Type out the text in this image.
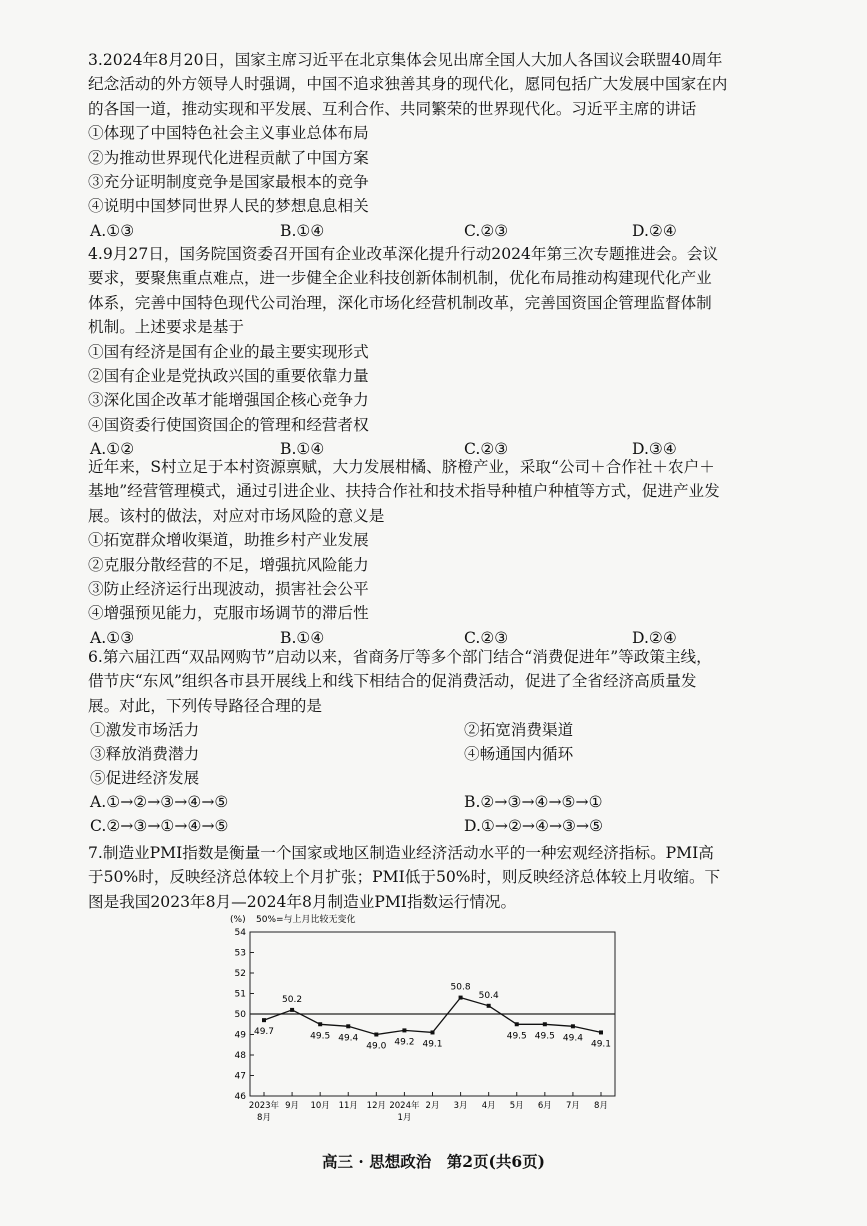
3.2024年8月20日，国家主席习近平在北京集体会见出席全国人大加人各国议会联盟40周年
纪念活动的外方领导人时强调，中国不追求独善其身的现代化，愿同包括广大发展中国家在内
的各国一道，推动实现和平发展、互利合作、共同繁荣的世界现代化。习近平主席的讲话
①体现了中国特色社会主义事业总体布局
②为推动世界现代化进程贡献了中国方案
③充分证明制度竞争是国家最根本的竞争
④说明中国梦同世界人民的梦想息息相关
A.①③	B.①④	C.②③	D.②④
4.9月27日，国务院国资委召开国有企业改革深化提升行动2024年第三次专题推进会。会议
要求，要聚焦重点难点，进一步健全企业科技创新体制机制，优化布局推动构建现代化产业
体系，完善中国特色现代公司治理，深化市场化经营机制改革，完善国资国企管理监督体制
机制。上述要求是基于
①国有经济是国有企业的最主要实现形式
②国有企业是党执政兴国的重要依靠力量
③深化国企改革才能增强国企核心竞争力
④国资委行使国资国企的管理和经营者权
A.①②	B.①④	C.②③	D.③④
近年来，S村立足于本村资源禀赋，大力发展柑橘、脐橙产业，采取“公司＋合作社＋农户＋
基地”经营管理模式，通过引进企业、扶持合作社和技术指导种植户种植等方式，促进产业发
展。该村的做法，对应对市场风险的意义是
①拓宽群众增收渠道，助推乡村产业发展
②克服分散经营的不足，增强抗风险能力
③防止经济运行出现波动，损害社会公平
④增强预见能力，克服市场调节的滞后性
A.①③	B.①④	C.②③	D.②④
6.第六届江西“双品网购节”启动以来，省商务厅等多个部门结合“消费促进年”等政策主线，
借节庆“东风”组织各市县开展线上和线下相结合的促消费活动，促进了全省经济高质量发
展。对此，下列传导路径合理的是
①激发市场活力	②拓宽消费渠道
③释放消费潜力	④畅通国内循环
⑤促进经济发展
A.①→②→③→④→⑤	B.②→③→④→⑤→①
C.②→③→①→④→⑤	D.①→②→④→③→⑤
7.制造业PMI指数是衡量一个国家或地区制造业经济活动水平的一种宏观经济指标。PMI高
于50%时，反映经济总体较上个月扩张；PMI低于50%时，则反映经济总体较上月收缩。下
图是我国2023年8月—2024年8月制造业PMI指数运行情况。
(%) 50%=与上月比较无变化
54
53
52
51
50
49
48
47
46
49.7
50.2
49.5 49.4
49.0 49.2 49.1
50.8
50.4
49.5 49.5 49.4
49.1
2023年
8月
9月 10月 11月 12月 2024年
1月
2月 3月 4月 5月 6月 7月 8月
高三 · 思想政治　第2页(共6页)
